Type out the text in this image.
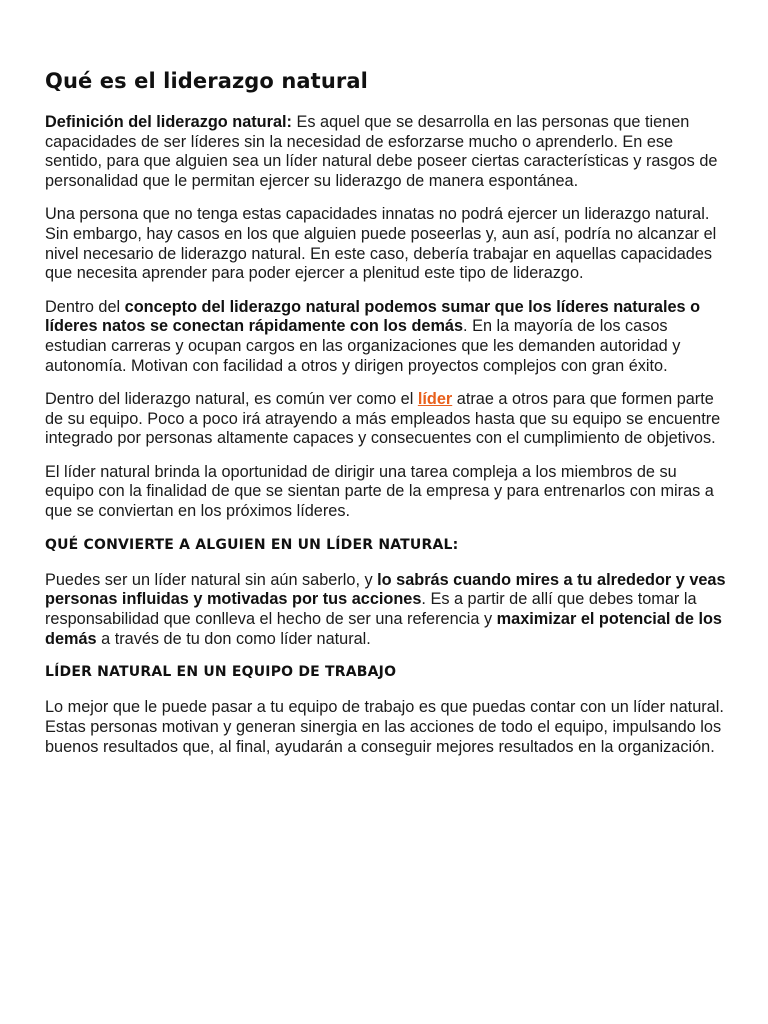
Qué es el liderazgo natural

Definición del liderazgo natural: Es aquel que se desarrolla en las personas que tienen capacidades de ser líderes sin la necesidad de esforzarse mucho o aprenderlo. En ese sentido, para que alguien sea un líder natural debe poseer ciertas características y rasgos de personalidad que le permitan ejercer su liderazgo de manera espontánea.

Una persona que no tenga estas capacidades innatas no podrá ejercer un liderazgo natural. Sin embargo, hay casos en los que alguien puede poseerlas y, aun así, podría no alcanzar el nivel necesario de liderazgo natural. En este caso, debería trabajar en aquellas capacidades que necesita aprender para poder ejercer a plenitud este tipo de liderazgo.

Dentro del concepto del liderazgo natural podemos sumar que los líderes naturales o líderes natos se conectan rápidamente con los demás. En la mayoría de los casos estudian carreras y ocupan cargos en las organizaciones que les demanden autoridad y autonomía. Motivan con facilidad a otros y dirigen proyectos complejos con gran éxito.

Dentro del liderazgo natural, es común ver como el líder atrae a otros para que formen parte de su equipo. Poco a poco irá atrayendo a más empleados hasta que su equipo se encuentre integrado por personas altamente capaces y consecuentes con el cumplimiento de objetivos.

El líder natural brinda la oportunidad de dirigir una tarea compleja a los miembros de su equipo con la finalidad de que se sientan parte de la empresa y para entrenarlos con miras a que se conviertan en los próximos líderes.

QUÉ CONVIERTE A ALGUIEN EN UN LÍDER NATURAL:

Puedes ser un líder natural sin aún saberlo, y lo sabrás cuando mires a tu alrededor y veas personas influidas y motivadas por tus acciones. Es a partir de allí que debes tomar la responsabilidad que conlleva el hecho de ser una referencia y maximizar el potencial de los demás a través de tu don como líder natural.

LÍDER NATURAL EN UN EQUIPO DE TRABAJO

Lo mejor que le puede pasar a tu equipo de trabajo es que puedas contar con un líder natural. Estas personas motivan y generan sinergia en las acciones de todo el equipo, impulsando los buenos resultados que, al final, ayudarán a conseguir mejores resultados en la organización.
